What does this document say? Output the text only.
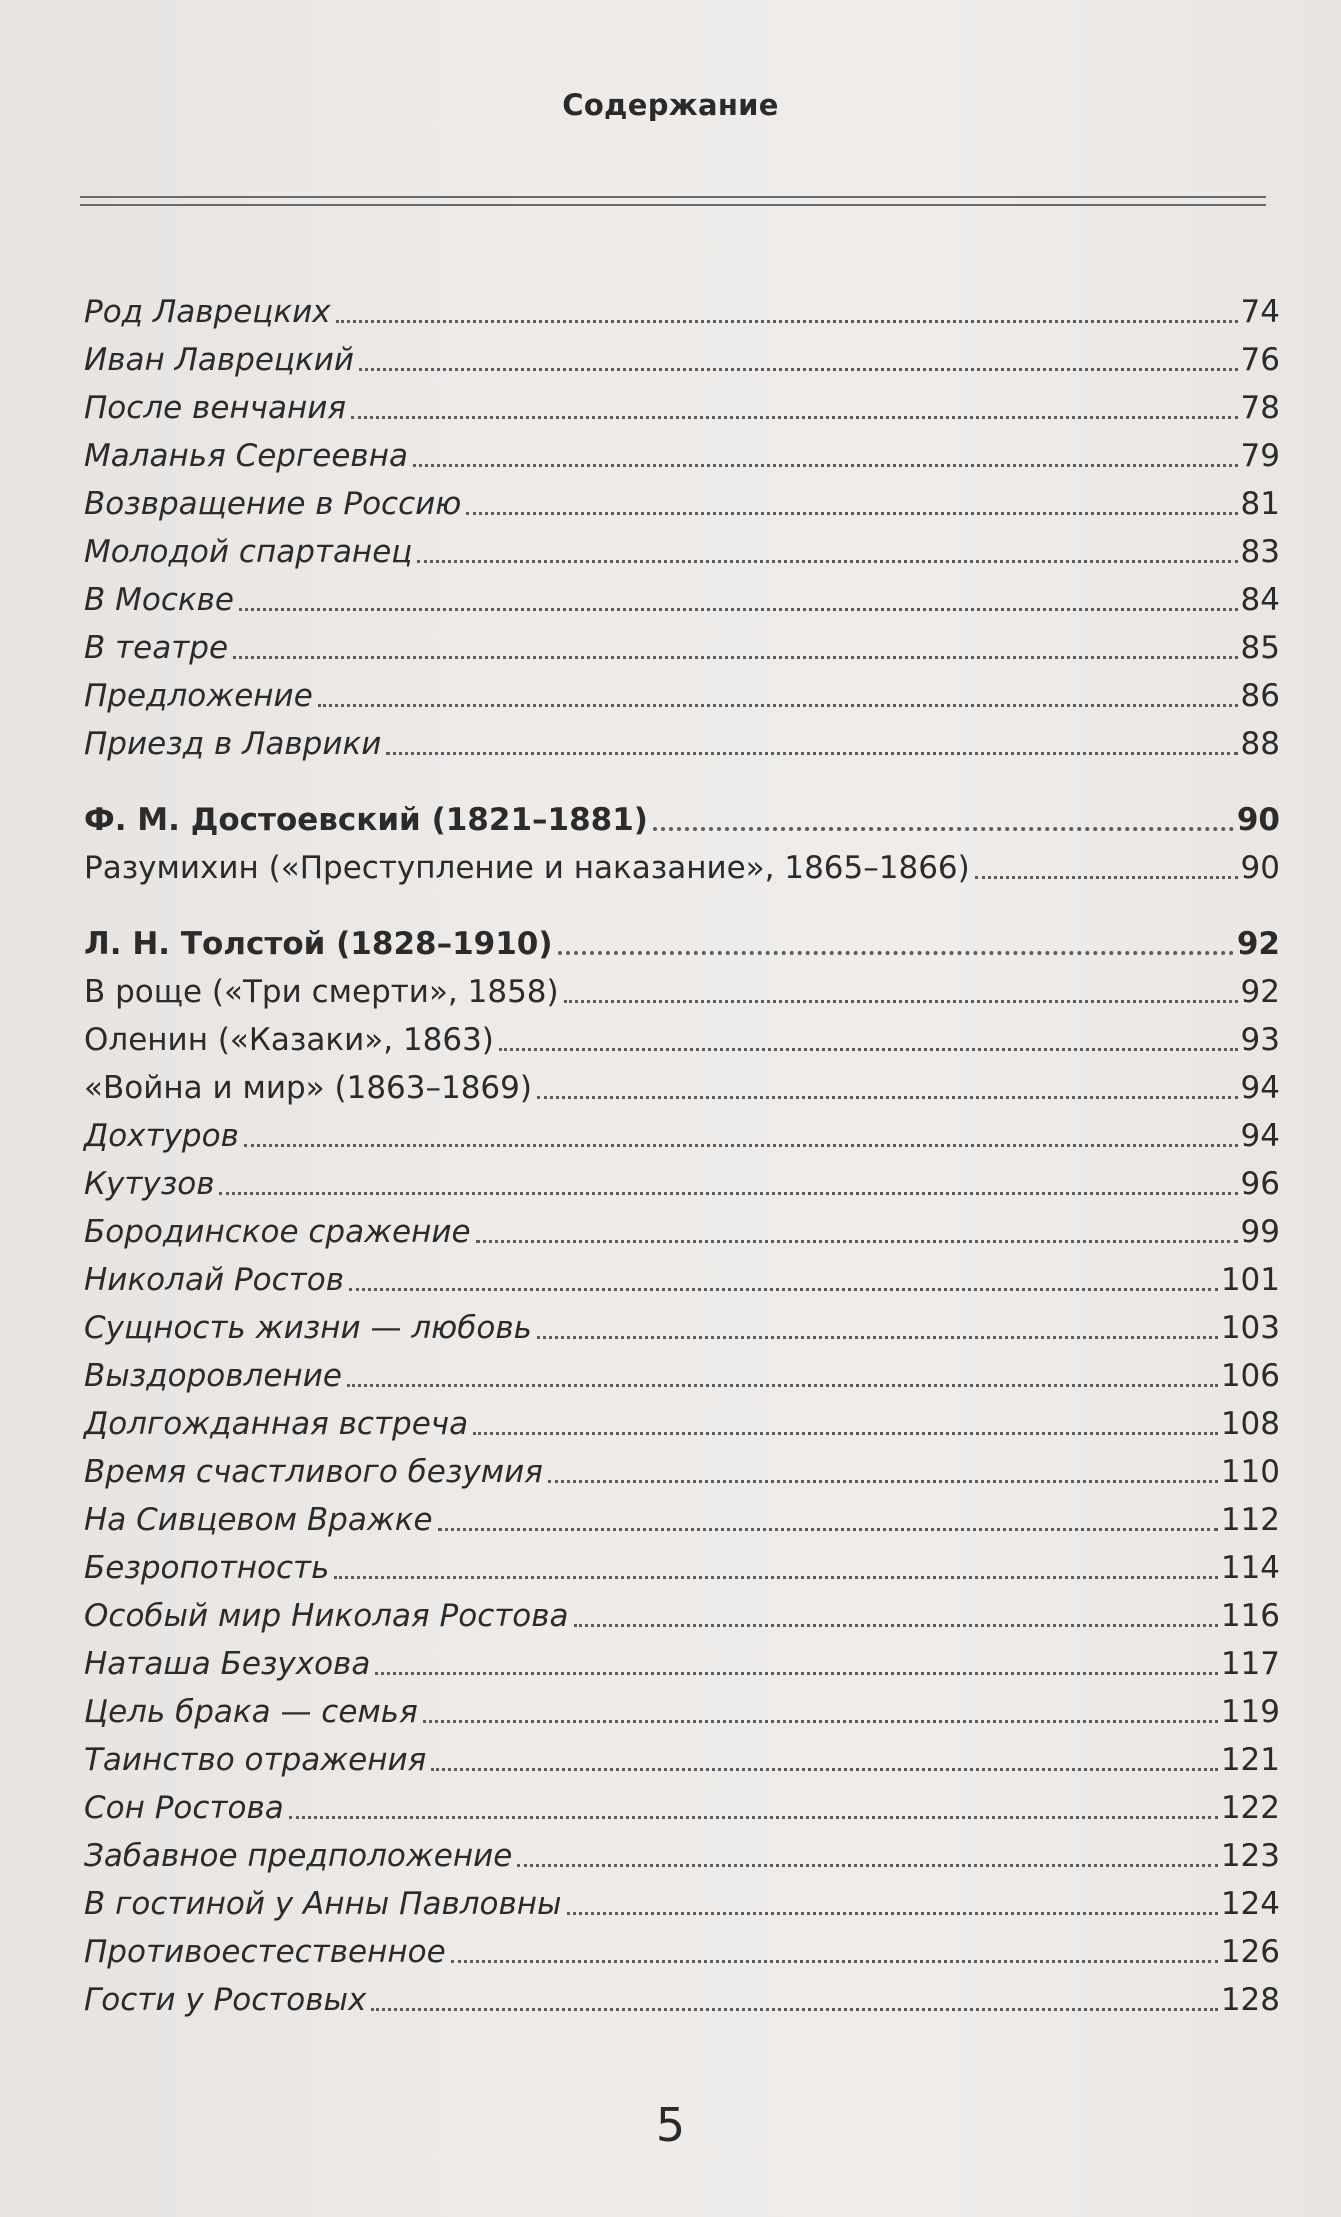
Содержание
Род Лаврецких	74
Иван Лаврецкий	76
После венчания	78
Маланья Сергеевна	79
Возвращение в Россию	81
Молодой спартанец	83
В Москве	84
В театре	85
Предложение	86
Приезд в Лаврики	88
Ф. М. Достоевский (1821–1881)	90
Разумихин («Преступление и наказание», 1865–1866)	90
Л. Н. Толстой (1828–1910)	92
В роще («Три смерти», 1858)	92
Оленин («Казаки», 1863)	93
«Война и мир» (1863–1869)	94
Дохтуров	94
Кутузов	96
Бородинское сражение	99
Николай Ростов	101
Сущность жизни — любовь	103
Выздоровление	106
Долгожданная встреча	108
Время счастливого безумия	110
На Сивцевом Вражке	112
Безропотность	114
Особый мир Николая Ростова	116
Наташа Безухова	117
Цель брака — семья	119
Таинство отражения	121
Сон Ростова	122
Забавное предположение	123
В гостиной у Анны Павловны	124
Противоестественное	126
Гости у Ростовых	128
5
